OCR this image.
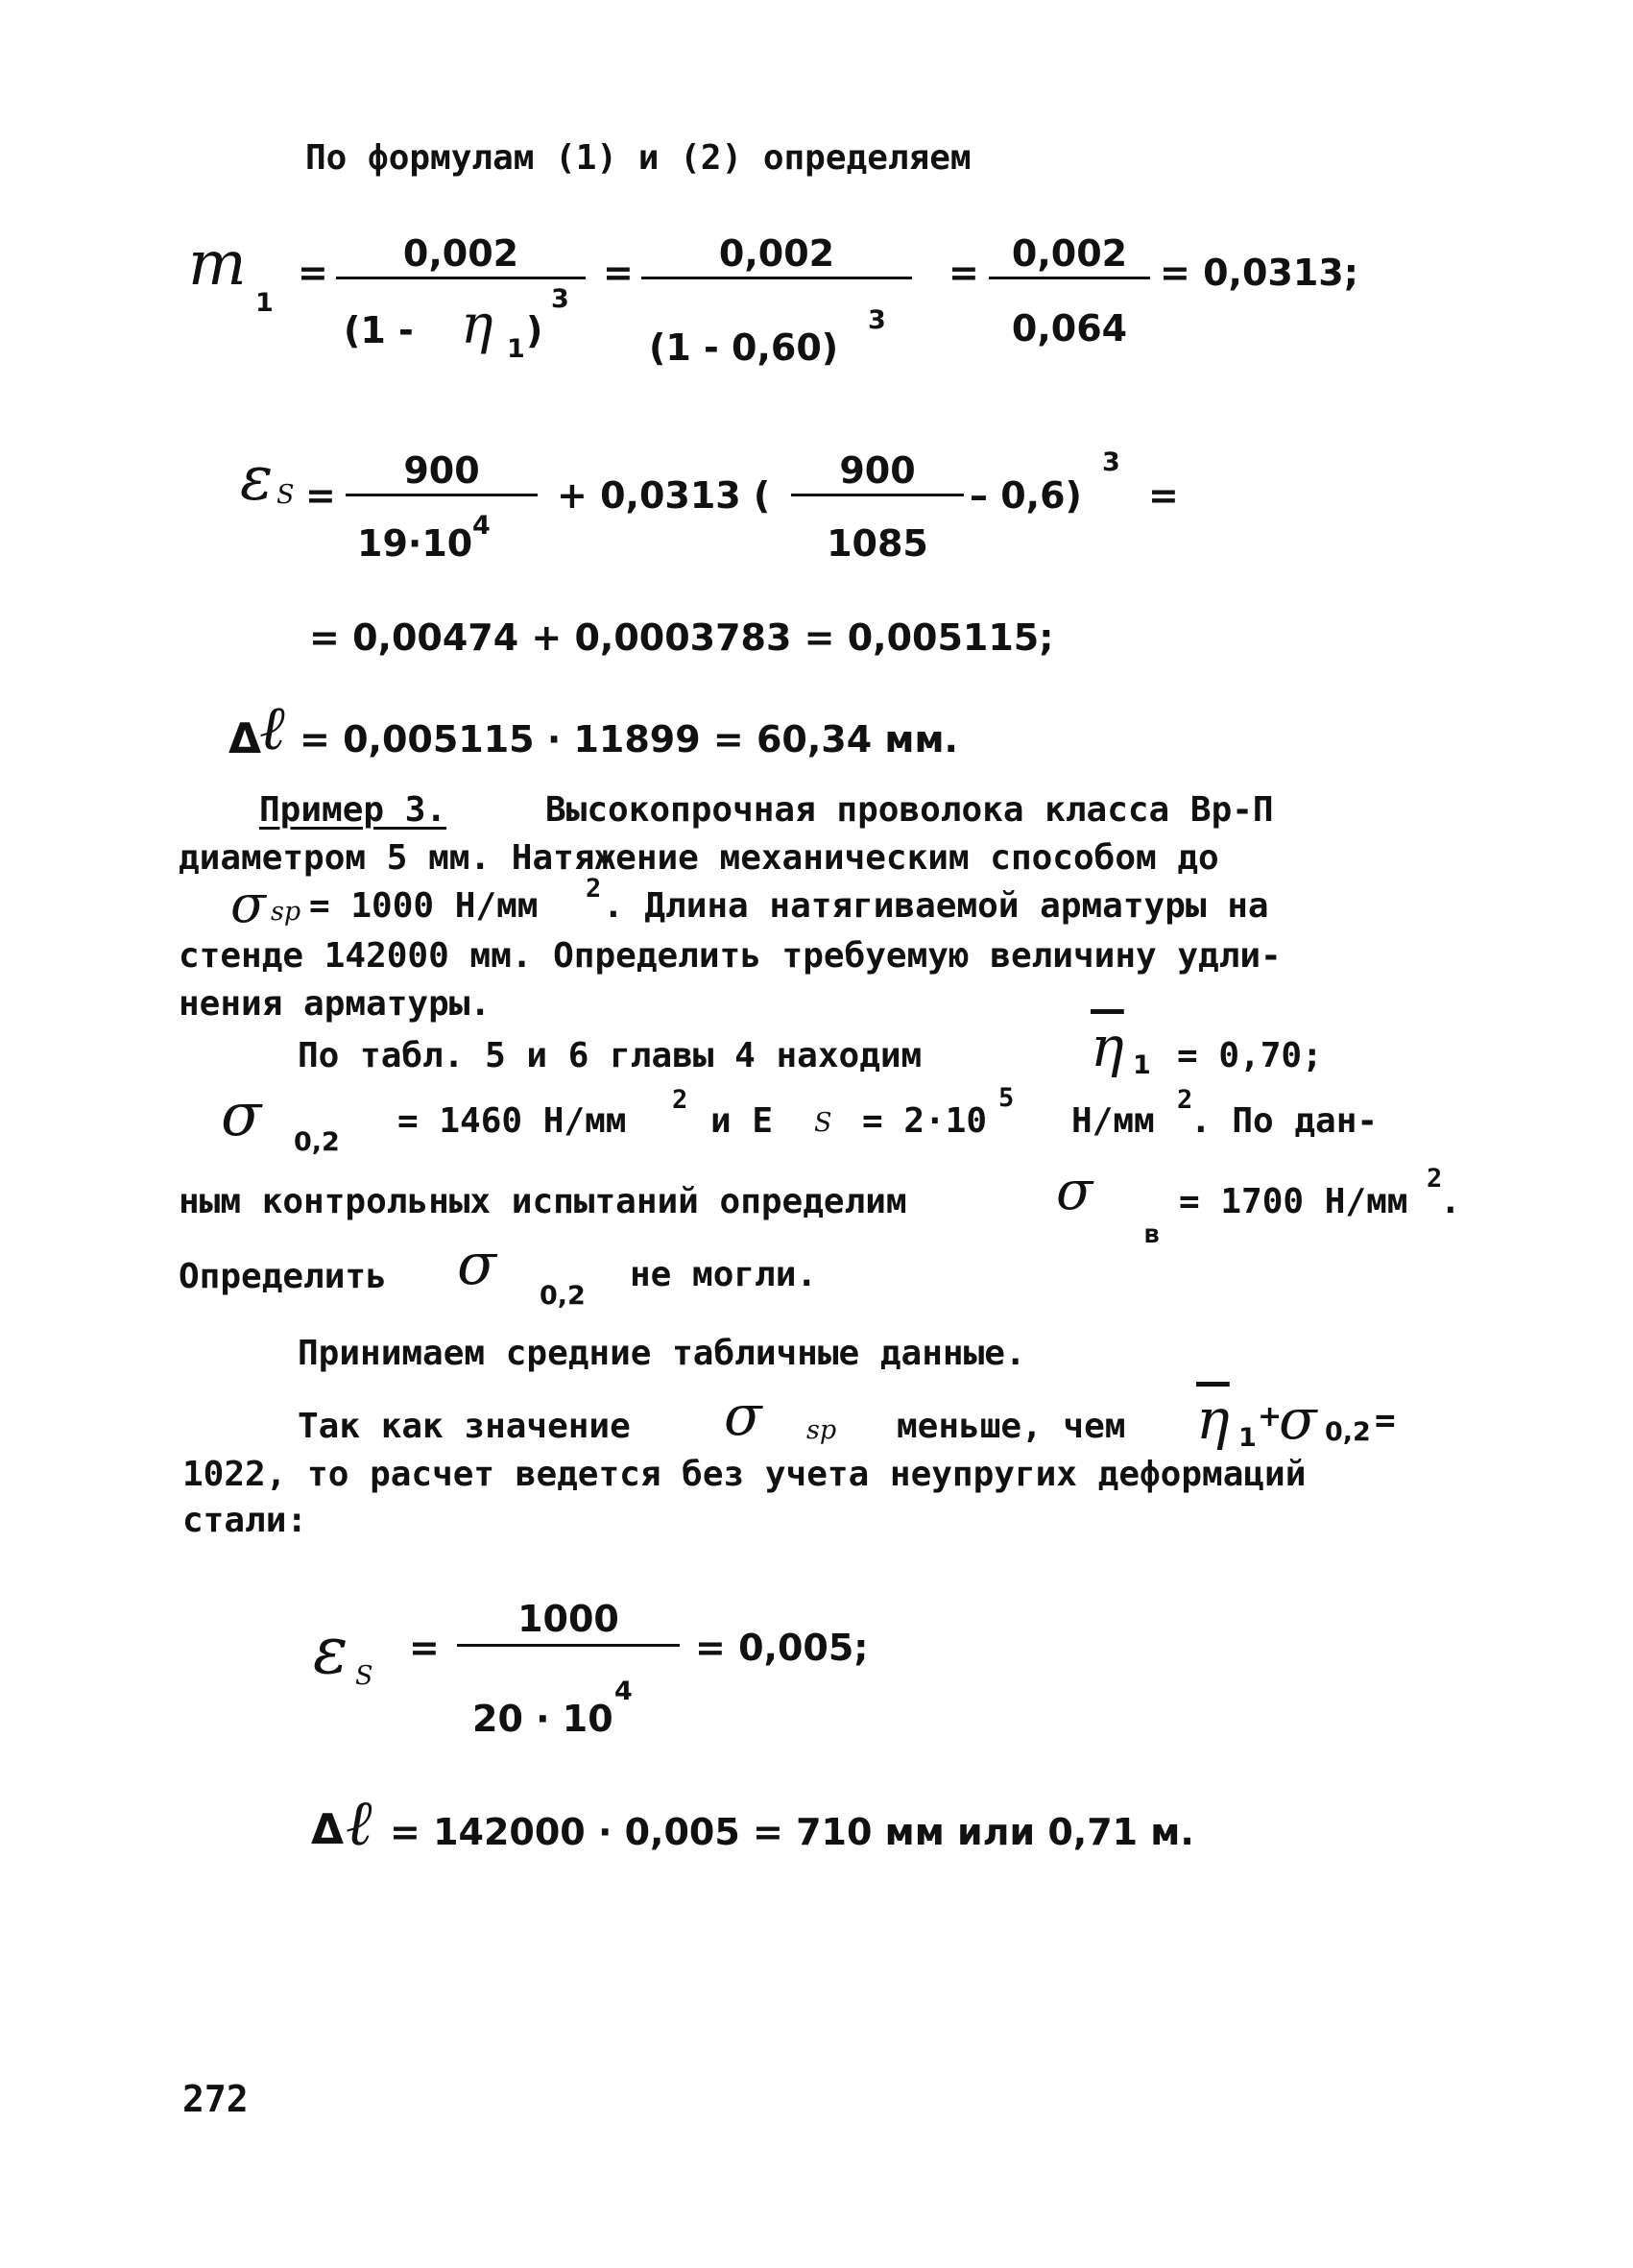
По формулам (1) и (2) определяем
m
1
=	0,002
(1 - η 1 )
3
=	0,002
(1 - 0,60)
3
= 0,002
0,064
= 0,0313;
ε S =
900
19·10 4
+ 0,0313 (
900
1085
– 0,6)
3
=
= 0,00474 + 0,0003783 = 0,005115;
Δ
ℓ = 0,005115 · 11899 = 60,34 мм.
Пример 3.	Высокопрочная проволока класса Вр-П
диаметром 5 мм. Натяжение механическим способом до
σ sp = 1000 Н/мм 2 . Длина натягиваемой арматуры на
стенде 142000 мм. Определить требуемую величину удли-
нения арматуры.
По табл. 5 и 6 главы 4 находим	$\overline{\eta}$ 1 = 0,70;
σ 0,2
= 1460 Н/мм
2
и Е S = 2·10
5
Н/мм
2
. По дан-
ным контрольных испытаний определим	σ
в
= 1700 Н/мм
2
.
Определить σ 0,2
не могли.
Принимаем средние табличные данные.
Так как значение σ sp меньше, чем $\overline{\eta}$ 1
+
σ 0,2 =
1022, то расчет ведется без учета неупругих деформаций
стали:
ε S
=
1000
20 · 10
4
= 0,005;
Δ ℓ = 142000 · 0,005 = 710 мм или 0,71 м.
272
